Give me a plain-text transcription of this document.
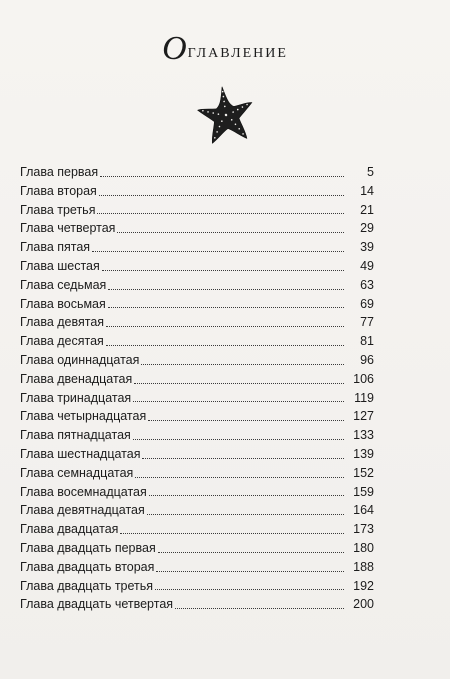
Оглавление
Глава первая	5
Глава вторая	14
Глава третья	21
Глава четвертая	29
Глава пятая	39
Глава шестая	49
Глава седьмая	63
Глава восьмая	69
Глава девятая	77
Глава десятая	81
Глава одиннадцатая	96
Глава двенадцатая	106
Глава тринадцатая	119
Глава четырнадцатая	127
Глава пятнадцатая	133
Глава шестнадцатая	139
Глава семнадцатая	152
Глава восемнадцатая	159
Глава девятнадцатая	164
Глава двадцатая	173
Глава двадцать первая	180
Глава двадцать вторая	188
Глава двадцать третья	192
Глава двадцать четвертая	200
